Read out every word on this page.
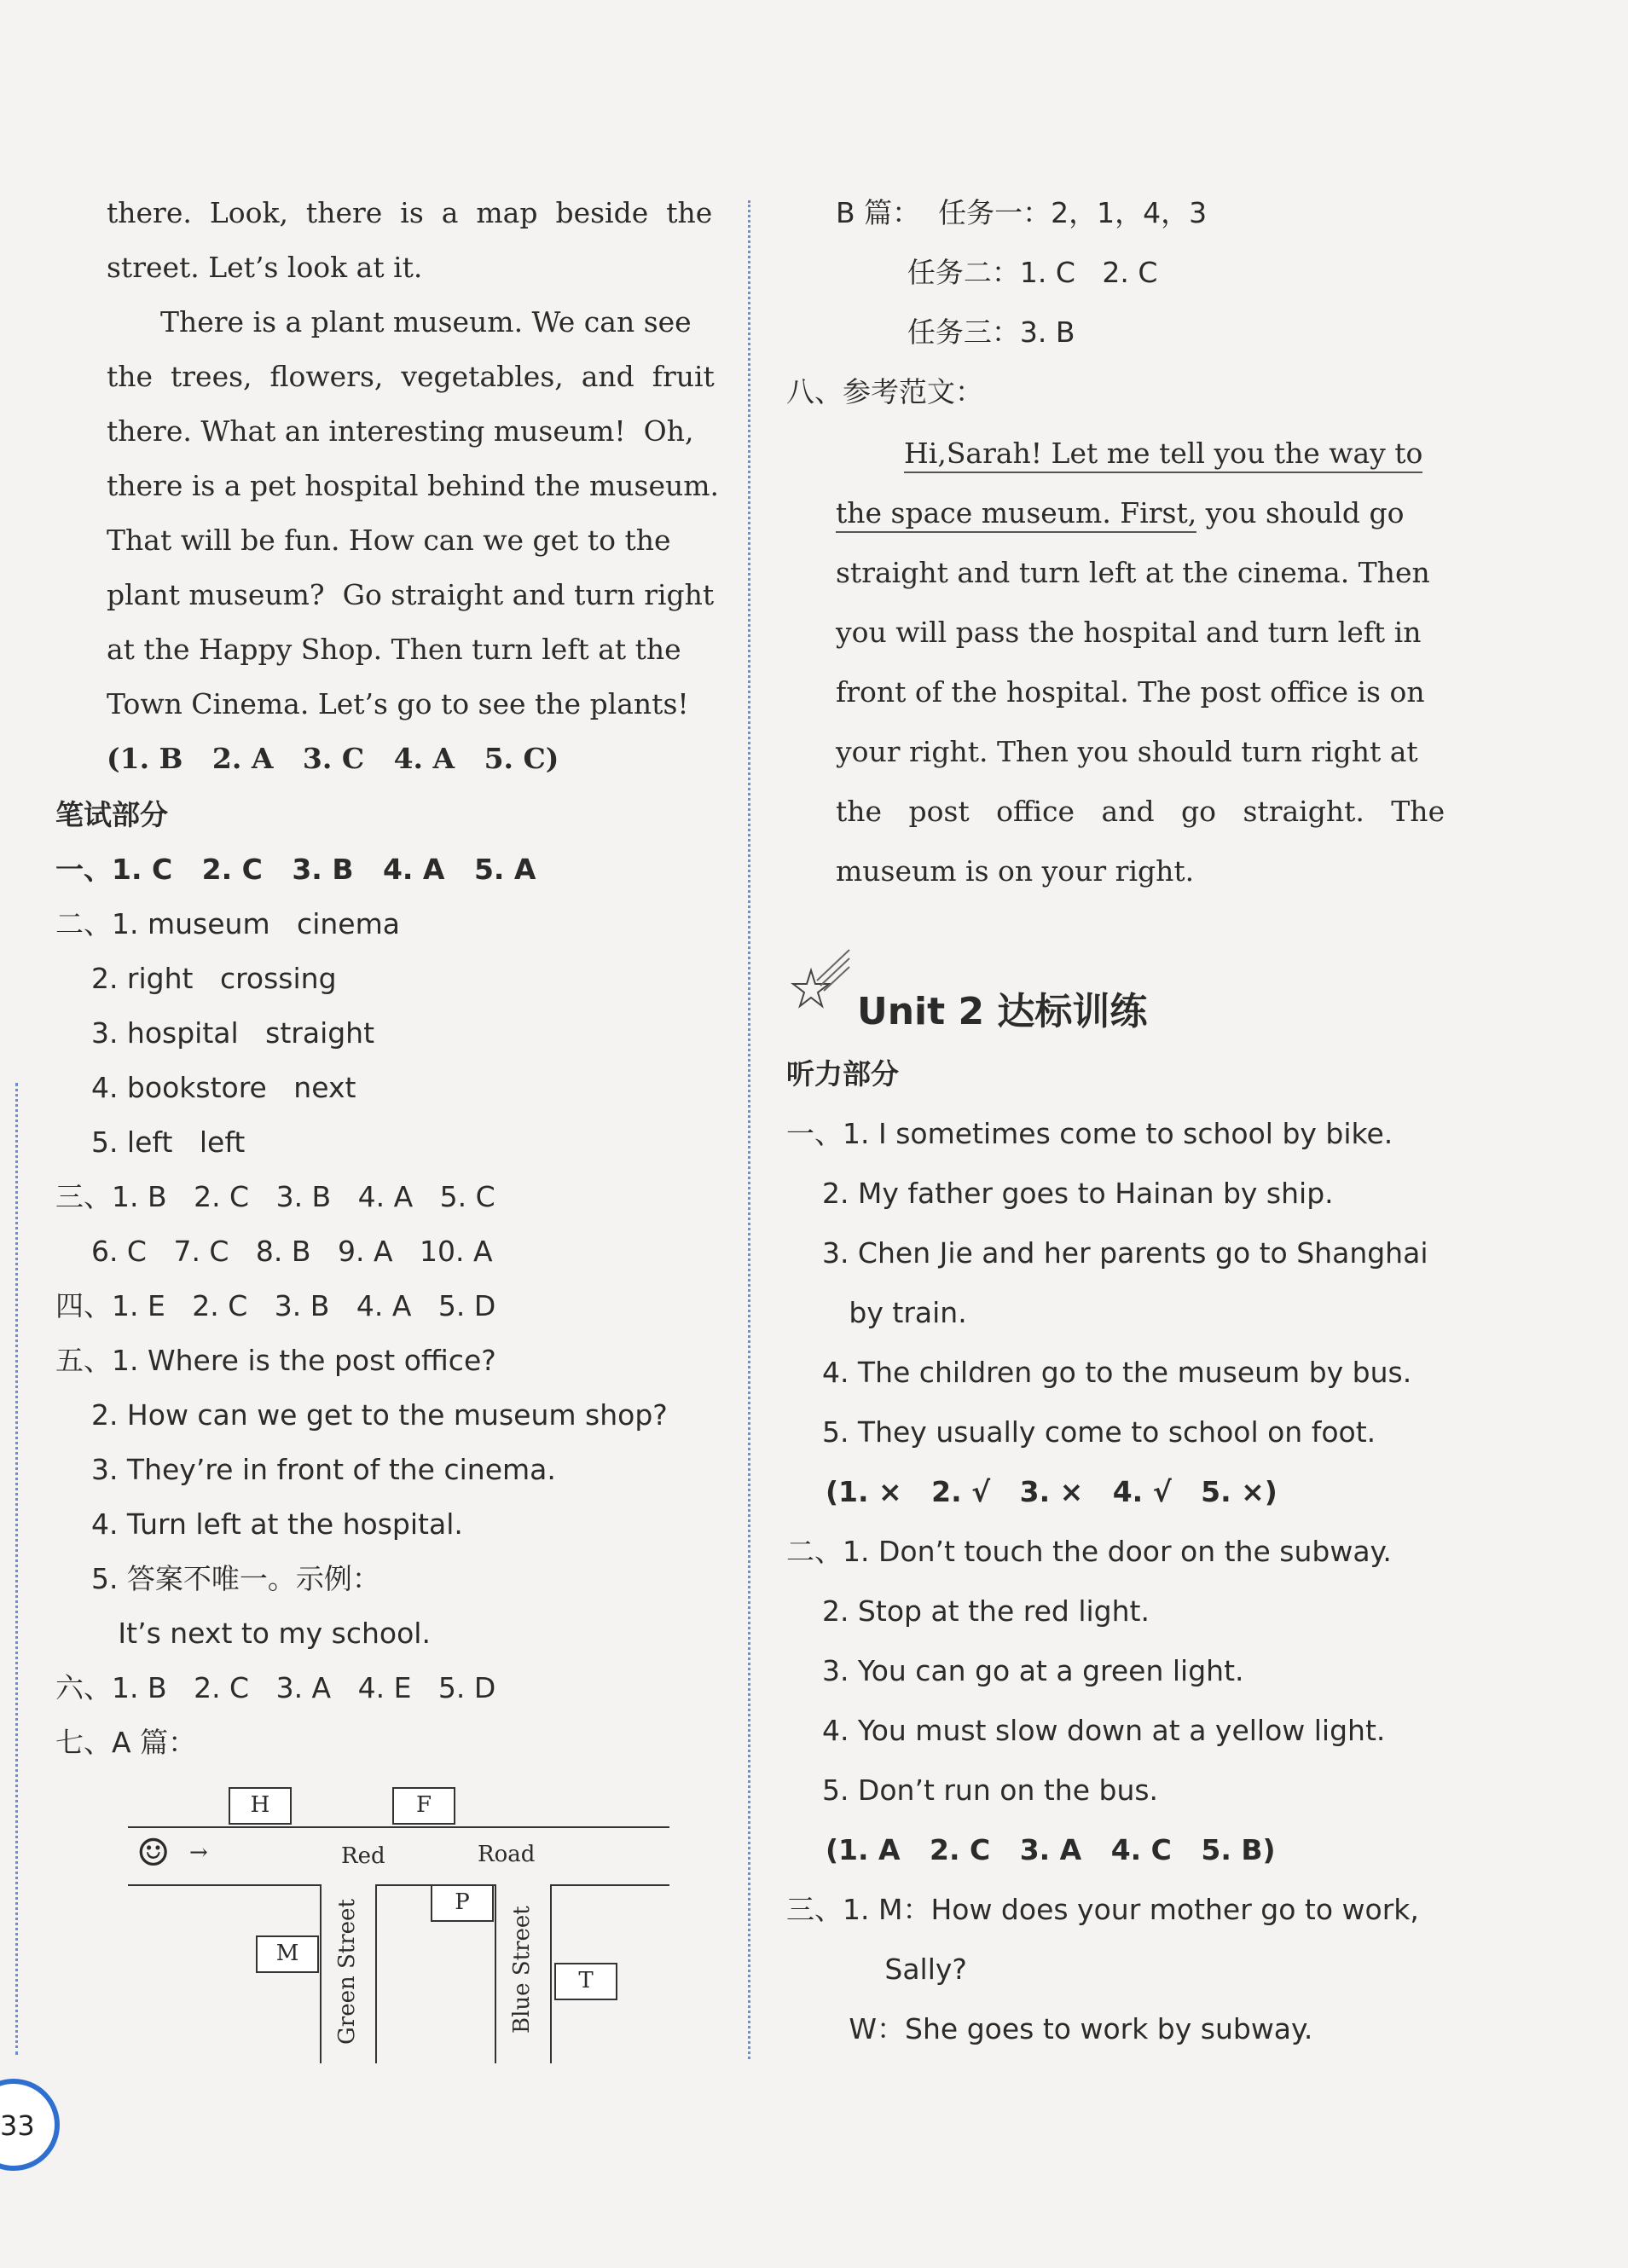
there.  Look,  there  is  a  map  beside  the
street. Let’s look at it.
There is a plant museum. We can see
the  trees,  flowers,  vegetables,  and  fruit
there. What an interesting museum!  Oh,
there is a pet hospital behind the museum.
That will be fun. How can we get to the
plant museum?  Go straight and turn right
at the Happy Shop. Then turn left at the
Town Cinema. Let’s go to see the plants!
(1. B   2. A   3. C   4. A   5. C)
笔试部分
一、1. C   2. C   3. B   4. A   5. A
二、1. museum   cinema
2. right   crossing
3. hospital   straight
4. bookstore   next
5. left   left
三、1. B   2. C   3. B   4. A   5. C
6. C   7. C   8. B   9. A   10. A
四、1. E   2. C   3. B   4. A   5. D
五、1. Where is the post office?
2. How can we get to the museum shop?
3. They’re in front of the cinema.
4. Turn left at the hospital.
5. 答案不唯一。示例：
It’s next to my school.
六、1. B   2. C   3. A   4. E   5. D
七、A 篇：
H	F
☺ →	Red	Road
P
M
T
Green Street	Blue Street
B 篇：  任务一：2，1，4，3
任务二：1. C   2. C
任务三：3. B
八、参考范文：
Hi,Sarah! Let me tell you the way to
the space museum. First, you should go
straight and turn left at the cinema. Then
you will pass the hospital and turn left in
front of the hospital. The post office is on
your right. Then you should turn right at
the   post   office   and   go   straight.   The
museum is on your right.
Unit 2 达标训练
听力部分
一、1. I sometimes come to school by bike.
2. My father goes to Hainan by ship.
3. Chen Jie and her parents go to Shanghai
by train.
4. The children go to the museum by bus.
5. They usually come to school on foot.
(1. ×   2. √   3. ×   4. √   5. ×)
二、1. Don’t touch the door on the subway.
2. Stop at the red light.
3. You can go at a green light.
4. You must slow down at a yellow light.
5. Don’t run on the bus.
(1. A   2. C   3. A   4. C   5. B)
三、1. M：How does your mother go to work,
Sally?
W：She goes to work by subway.
33
